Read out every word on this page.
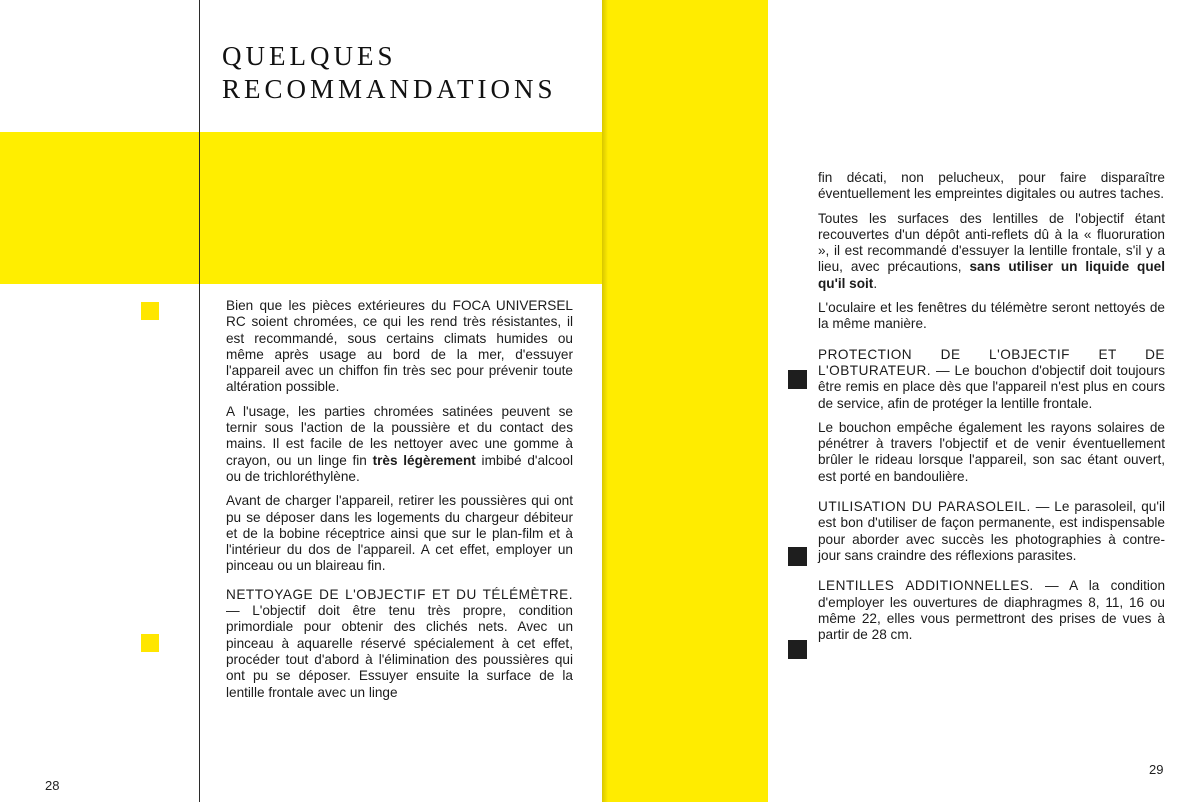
QUELQUES
RECOMMANDATIONS

Bien que les pièces extérieures du FOCA UNIVERSEL RC soient chromées, ce qui les rend très résistantes, il est recommandé, sous certains climats humides ou même après usage au bord de la mer, d'essuyer l'appareil avec un chiffon fin très sec pour prévenir toute altération possible.

A l'usage, les parties chromées satinées peuvent se ternir sous l'action de la poussière et du contact des mains. Il est facile de les nettoyer avec une gomme à crayon, ou un linge fin très légèrement imbibé d'alcool ou de trichloréthylène.

Avant de charger l'appareil, retirer les poussières qui ont pu se déposer dans les logements du chargeur débiteur et de la bobine réceptrice ainsi que sur le plan-film et à l'intérieur du dos de l'appareil. A cet effet, employer un pinceau ou un blaireau fin.

NETTOYAGE DE L'OBJECTIF ET DU TÉLÉMÈTRE. — L'objectif doit être tenu très propre, condition primordiale pour obtenir des clichés nets. Avec un pinceau à aquarelle réservé spécialement à cet effet, procéder tout d'abord à l'élimination des poussières qui ont pu se déposer. Essuyer ensuite la surface de la lentille frontale avec un linge

28

fin décati, non pelucheux, pour faire disparaître éventuellement les empreintes digitales ou autres taches.

Toutes les surfaces des lentilles de l'objectif étant recouvertes d'un dépôt anti-reflets dû à la « fluoruration », il est recommandé d'essuyer la lentille frontale, s'il y a lieu, avec précautions, sans utiliser un liquide quel qu'il soit.

L'oculaire et les fenêtres du télémètre seront nettoyés de la même manière.

PROTECTION DE L'OBJECTIF ET DE L'OBTURATEUR. — Le bouchon d'objectif doit toujours être remis en place dès que l'appareil n'est plus en cours de service, afin de protéger la lentille frontale.

Le bouchon empêche également les rayons solaires de pénétrer à travers l'objectif et de venir éventuellement brûler le rideau lorsque l'appareil, son sac étant ouvert, est porté en bandoulière.

UTILISATION DU PARASOLEIL. — Le parasoleil, qu'il est bon d'utiliser de façon permanente, est indispensable pour aborder avec succès les photographies à contre-jour sans craindre des réflexions parasites.

LENTILLES ADDITIONNELLES. — A la condition d'employer les ouvertures de diaphragmes 8, 11, 16 ou même 22, elles vous permettront des prises de vues à partir de 28 cm.

29
